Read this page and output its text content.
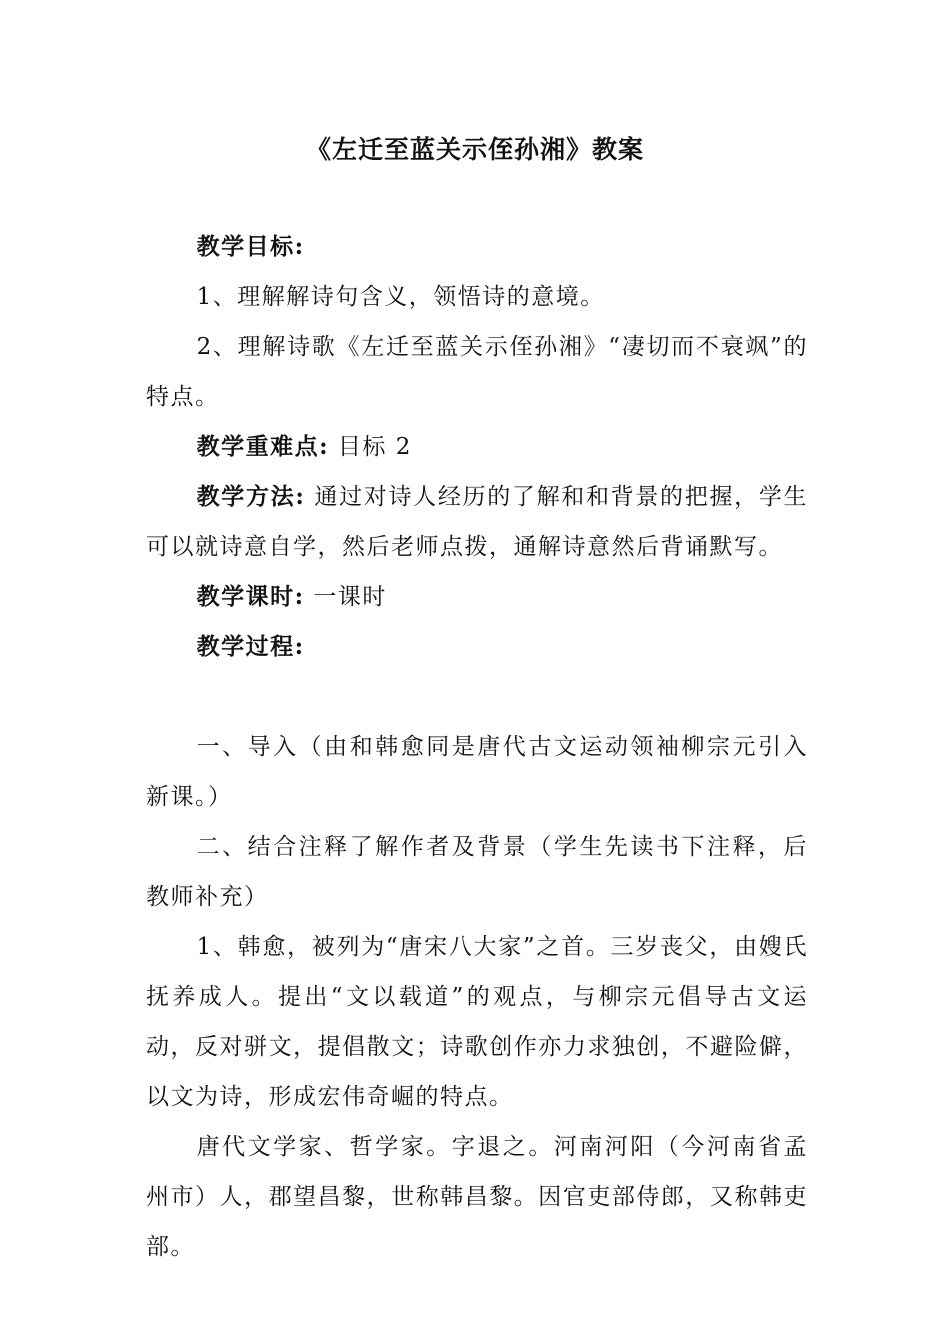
《左迁至蓝关示侄孙湘》教案

教学目标:

1、理解解诗句含义，领悟诗的意境。

2、理解诗歌《左迁至蓝关示侄孙湘》“凄切而不衰飒”的特点。

教学重难点: 目标 2

教学方法: 通过对诗人经历的了解和和背景的把握，学生可以就诗意自学，然后老师点拨，通解诗意然后背诵默写。

教学课时: 一课时

教学过程:

一、导入（由和韩愈同是唐代古文运动领袖柳宗元引入新课。）

二、结合注释了解作者及背景（学生先读书下注释，后教师补充）

1、韩愈，被列为“唐宋八大家”之首。三岁丧父，由嫂氏抚养成人。提出“文以载道”的观点，与柳宗元倡导古文运动，反对骈文，提倡散文；诗歌创作亦力求独创，不避险僻，以文为诗，形成宏伟奇崛的特点。

唐代文学家、哲学家。字退之。河南河阳（今河南省孟州市）人，郡望昌黎，世称韩昌黎。因官吏部侍郎，又称韩吏部。
